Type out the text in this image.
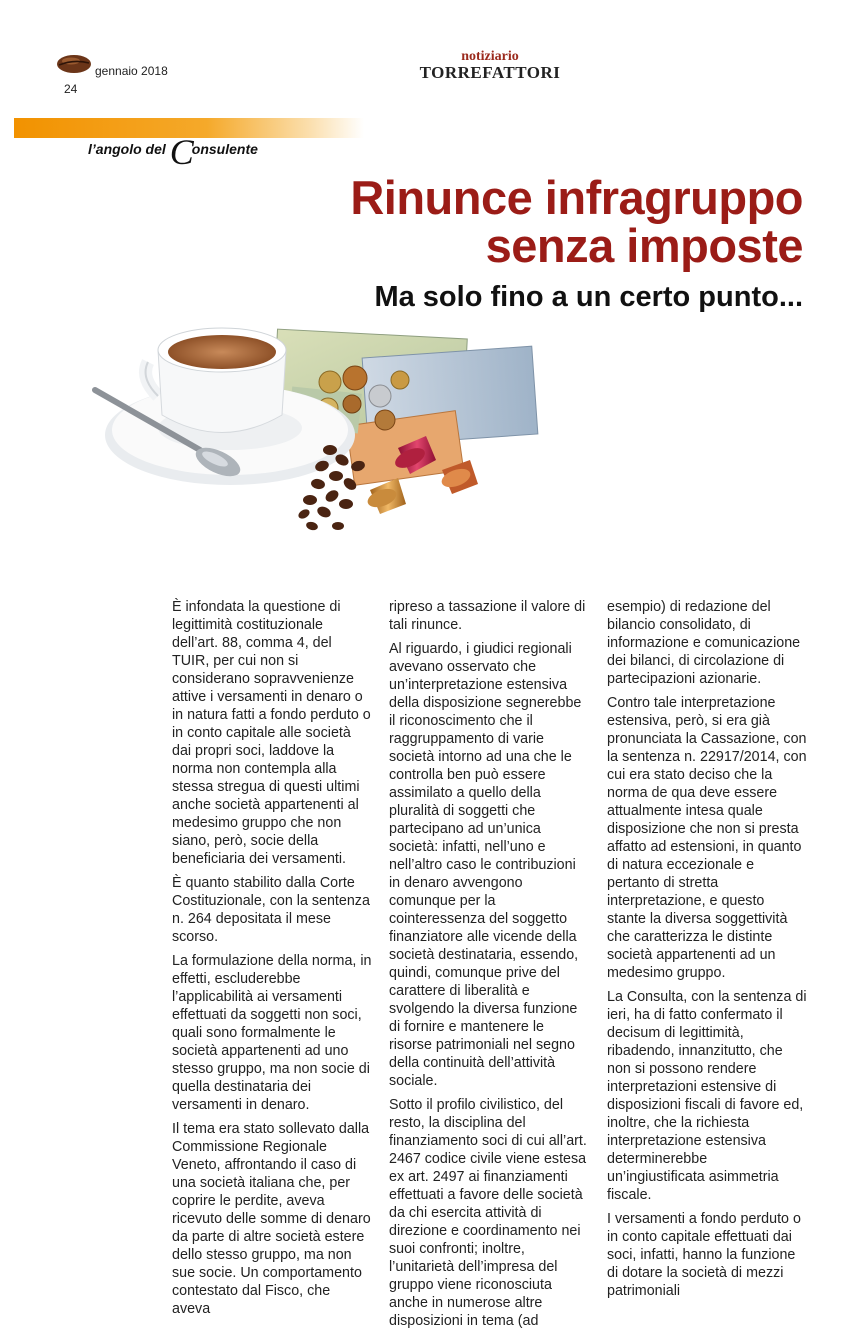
gennaio 2018
24
notiziario
TORREFATTORI
l’angolo del Consulente
Rinunce infragruppo
senza imposte
Ma solo fino a un certo punto...

È infondata la questione di legittimità costituzionale dell’art. 88, comma 4, del TUIR, per cui non si considerano sopravvenienze attive i versamenti in denaro o in natura fatti a fondo perduto o in conto capitale alle società dai propri soci, laddove la norma non contempla alla stessa stregua di questi ultimi anche società appartenenti al medesimo gruppo che non siano, però, socie della beneficiaria dei versamenti.

È quanto stabilito dalla Corte Costituzionale, con la sentenza n. 264 depositata il mese scorso.

La formulazione della norma, in effetti, escluderebbe l’applicabilità ai versamenti effettuati da soggetti non soci, quali sono formalmente le società appartenenti ad uno stesso gruppo, ma non socie di quella destinataria dei versamenti in denaro.

Il tema era stato sollevato dalla Commissione Regionale Veneto, affrontando il caso di una società italiana che, per coprire le perdite, aveva ricevuto delle somme di denaro da parte di altre società estere dello stesso gruppo, ma non sue socie. Un comportamento contestato dal Fisco, che aveva

ripreso a tassazione il valore di tali rinunce.

Al riguardo, i giudici regionali avevano osservato che un’interpretazione estensiva della disposizione segnerebbe il riconoscimento che il raggruppamento di varie società intorno ad una che le controlla ben può essere assimilato a quello della pluralità di soggetti che partecipano ad un’unica società: infatti, nell’uno e nell’altro caso le contribuzioni in denaro avvengono comunque per la cointeressenza del soggetto finanziatore alle vicende della società destinataria, essendo, quindi, comunque prive del carattere di liberalità e svolgendo la diversa funzione di fornire e mantenere le risorse patrimoniali nel segno della continuità dell’attività sociale.

Sotto il profilo civilistico, del resto, la disciplina del finanziamento soci di cui all’art. 2467 codice civile viene estesa ex art. 2497 ai finanziamenti effettuati a favore delle società da chi esercita attività di direzione e coordinamento nei suoi confronti; inoltre, l’unitarietà dell’impresa del gruppo viene riconosciuta anche in numerose altre disposizioni in tema (ad

esempio) di redazione del bilancio consolidato, di informazione e comunicazione dei bilanci, di circolazione di partecipazioni azionarie.

Contro tale interpretazione estensiva, però, si era già pronunciata la Cassazione, con la sentenza n. 22917/2014, con cui era stato deciso che la norma de qua deve essere attualmente intesa quale disposizione che non si presta affatto ad estensioni, in quanto di natura eccezionale e pertanto di stretta interpretazione, e questo stante la diversa soggettività che caratterizza le distinte società appartenenti ad un medesimo gruppo.

La Consulta, con la sentenza di ieri, ha di fatto confermato il decisum di legittimità, ribadendo, innanzitutto, che non si possono rendere interpretazioni estensive di disposizioni fiscali di favore ed, inoltre, che la richiesta interpretazione estensiva determinerebbe un’ingiustificata asimmetria fiscale.

I versamenti a fondo perduto o in conto capitale effettuati dai soci, infatti, hanno la funzione di dotare la società di mezzi patrimoniali
